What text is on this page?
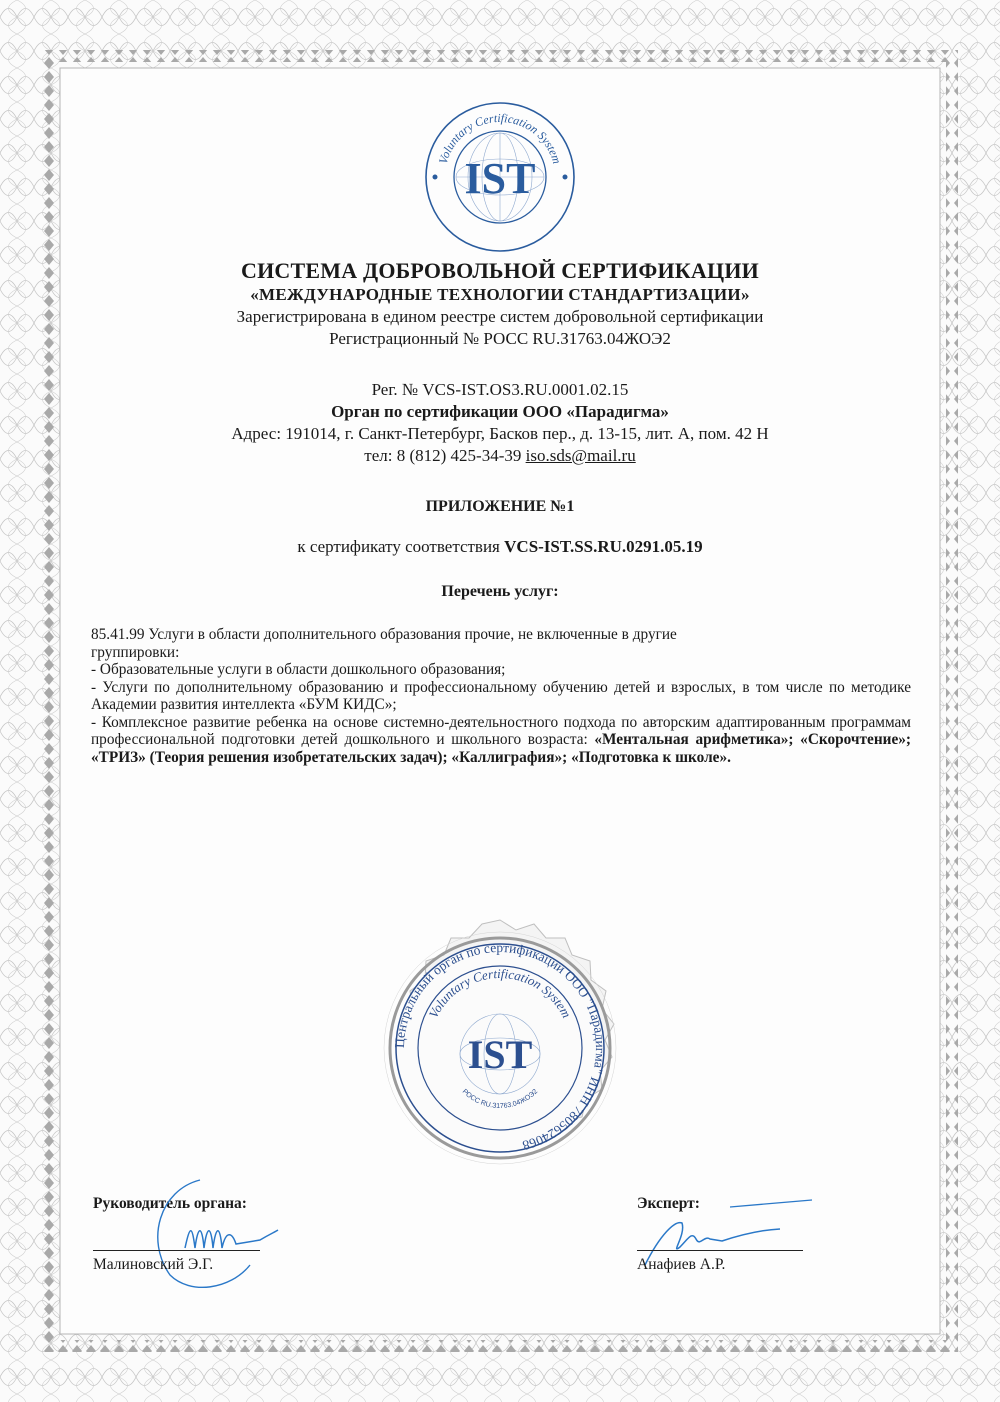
Voluntary Certification System
IST
СИСТЕМА ДОБРОВОЛЬНОЙ СЕРТИФИКАЦИИ
«МЕЖДУНАРОДНЫЕ ТЕХНОЛОГИИ СТАНДАРТИЗАЦИИ»
Зарегистрирована в едином реестре систем добровольной сертификации
Регистрационный № РОСС RU.З1763.04ЖОЭ2
Рег. № VCS-IST.OS3.RU.0001.02.15
Орган по сертификации ООО «Парадигма»
Адрес: 191014, г. Санкт-Петербург, Басков пер., д. 13-15, лит. А, пом. 42 Н
тел: 8 (812) 425-34-39 iso.sds@mail.ru
ПРИЛОЖЕНИЕ №1
к сертификату соответствия VCS-IST.SS.RU.0291.05.19
Перечень услуг:

85.41.99 Услуги в области дополнительного образования прочие, не включенные в другие

группировки:

- Образовательные услуги в области дошкольного образования;

- Услуги по дополнительному образованию и профессиональному обучению детей и взрослых, в том числе по методике Академии развития интеллекта «БУМ КИДС»;

- Комплексное развитие ребенка на основе системно-деятельностного подхода по авторским адаптированным программам профессиональной подготовки детей дошкольного и школьного возраста: «Ментальная арифметика»; «Скорочтение»; «ТРИЗ» (Теория решения изобретательских задач); «Каллиграфия»; «Подготовка к школе».

Центральный орган по сертификации ООО "Парадигма" ИНН 7805624068
Voluntary Certification System
IST
РОСС RU.З1763.04ЖОЭ2
Руководитель органа:
Малиновский Э.Г.
Эксперт:
Анафиев А.Р.
